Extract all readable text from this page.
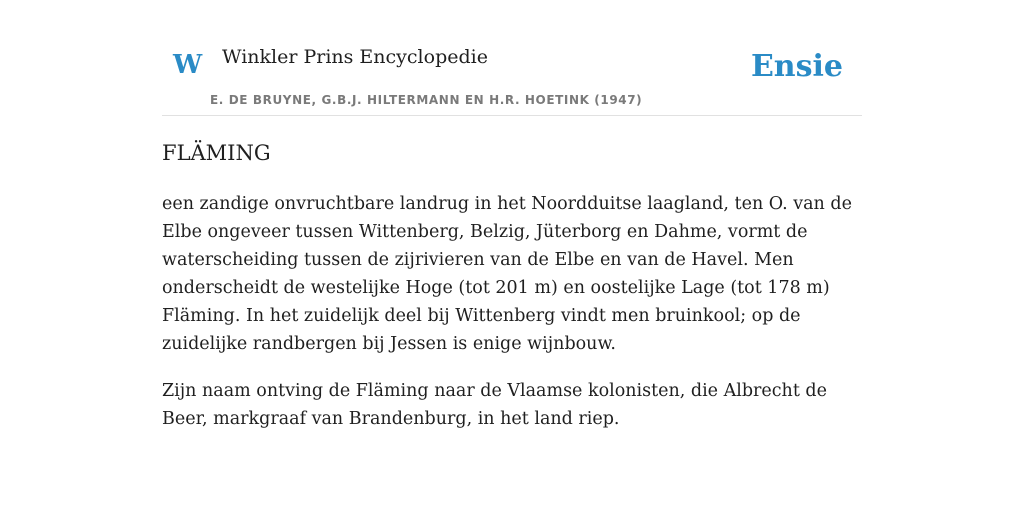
W Winkler Prins Encyclopedie
E. DE BRUYNE, G.B.J. HILTERMANN EN H.R. HOETINK (1947)
Ensie
FLÄMING

een zandige onvruchtbare landrug in het Noordduitse laagland, ten O. van de Elbe ongeveer tussen Wittenberg, Belzig, Jüterborg en Dahme, vormt de waterscheiding tussen de zijrivieren van de Elbe en van de Havel. Men onderscheidt de westelijke Hoge (tot 201 m) en oostelijke Lage (tot 178 m) Fläming. In het zuidelijk deel bij Wittenberg vindt men bruinkool; op de zuidelijke randbergen bij Jessen is enige wijnbouw.

Zijn naam ontving de Fläming naar de Vlaamse kolonisten, die Albrecht de Beer, markgraaf van Brandenburg, in het land riep.
